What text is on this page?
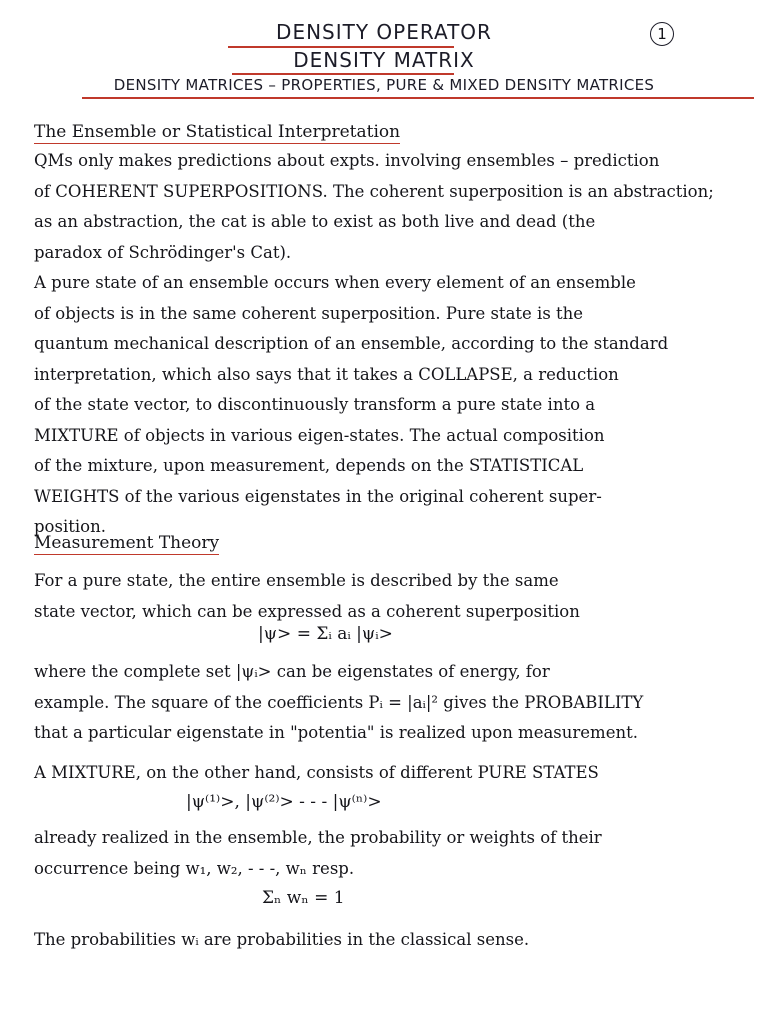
DENSITY OPERATOR
DENSITY MATRIX
DENSITY MATRICES – PROPERTIES, PURE & MIXED DENSITY MATRICES
1
The Ensemble or Statistical Interpretation
QMs only makes predictions about expts. involving ensembles – prediction
of COHERENT SUPERPOSITIONS. The coherent superposition is an abstraction;
as an abstraction, the cat is able to exist as both live and dead (the
paradox of Schrödinger's Cat).
A pure state of an ensemble occurs when every element of an ensemble
of objects is in the same coherent superposition. Pure state is the
quantum mechanical description of an ensemble, according to the standard
interpretation, which also says that it takes a COLLAPSE, a reduction
of the state vector, to discontinuously transform a pure state into a
MIXTURE of objects in various eigen-states. The actual composition
of the mixture, upon measurement, depends on the STATISTICAL
WEIGHTS of the various eigenstates in the original coherent super-
position.
Measurement Theory
For a pure state, the entire ensemble is described by the same
state vector, which can be expressed as a coherent superposition
|ψ> = Σᵢ aᵢ |ψᵢ>
where the complete set |ψᵢ> can be eigenstates of energy, for
example. The square of the coefficients Pᵢ = |aᵢ|² gives the PROBABILITY
that a particular eigenstate in "potentia" is realized upon measurement.
A MIXTURE, on the other hand, consists of different PURE STATES
|ψ⁽¹⁾>, |ψ⁽²⁾> - - - |ψ⁽ⁿ⁾>
already realized in the ensemble, the probability or weights of their
occurrence being w₁, w₂, - - -, wₙ resp.
Σₙ wₙ = 1
The probabilities wᵢ are probabilities in the classical sense.
